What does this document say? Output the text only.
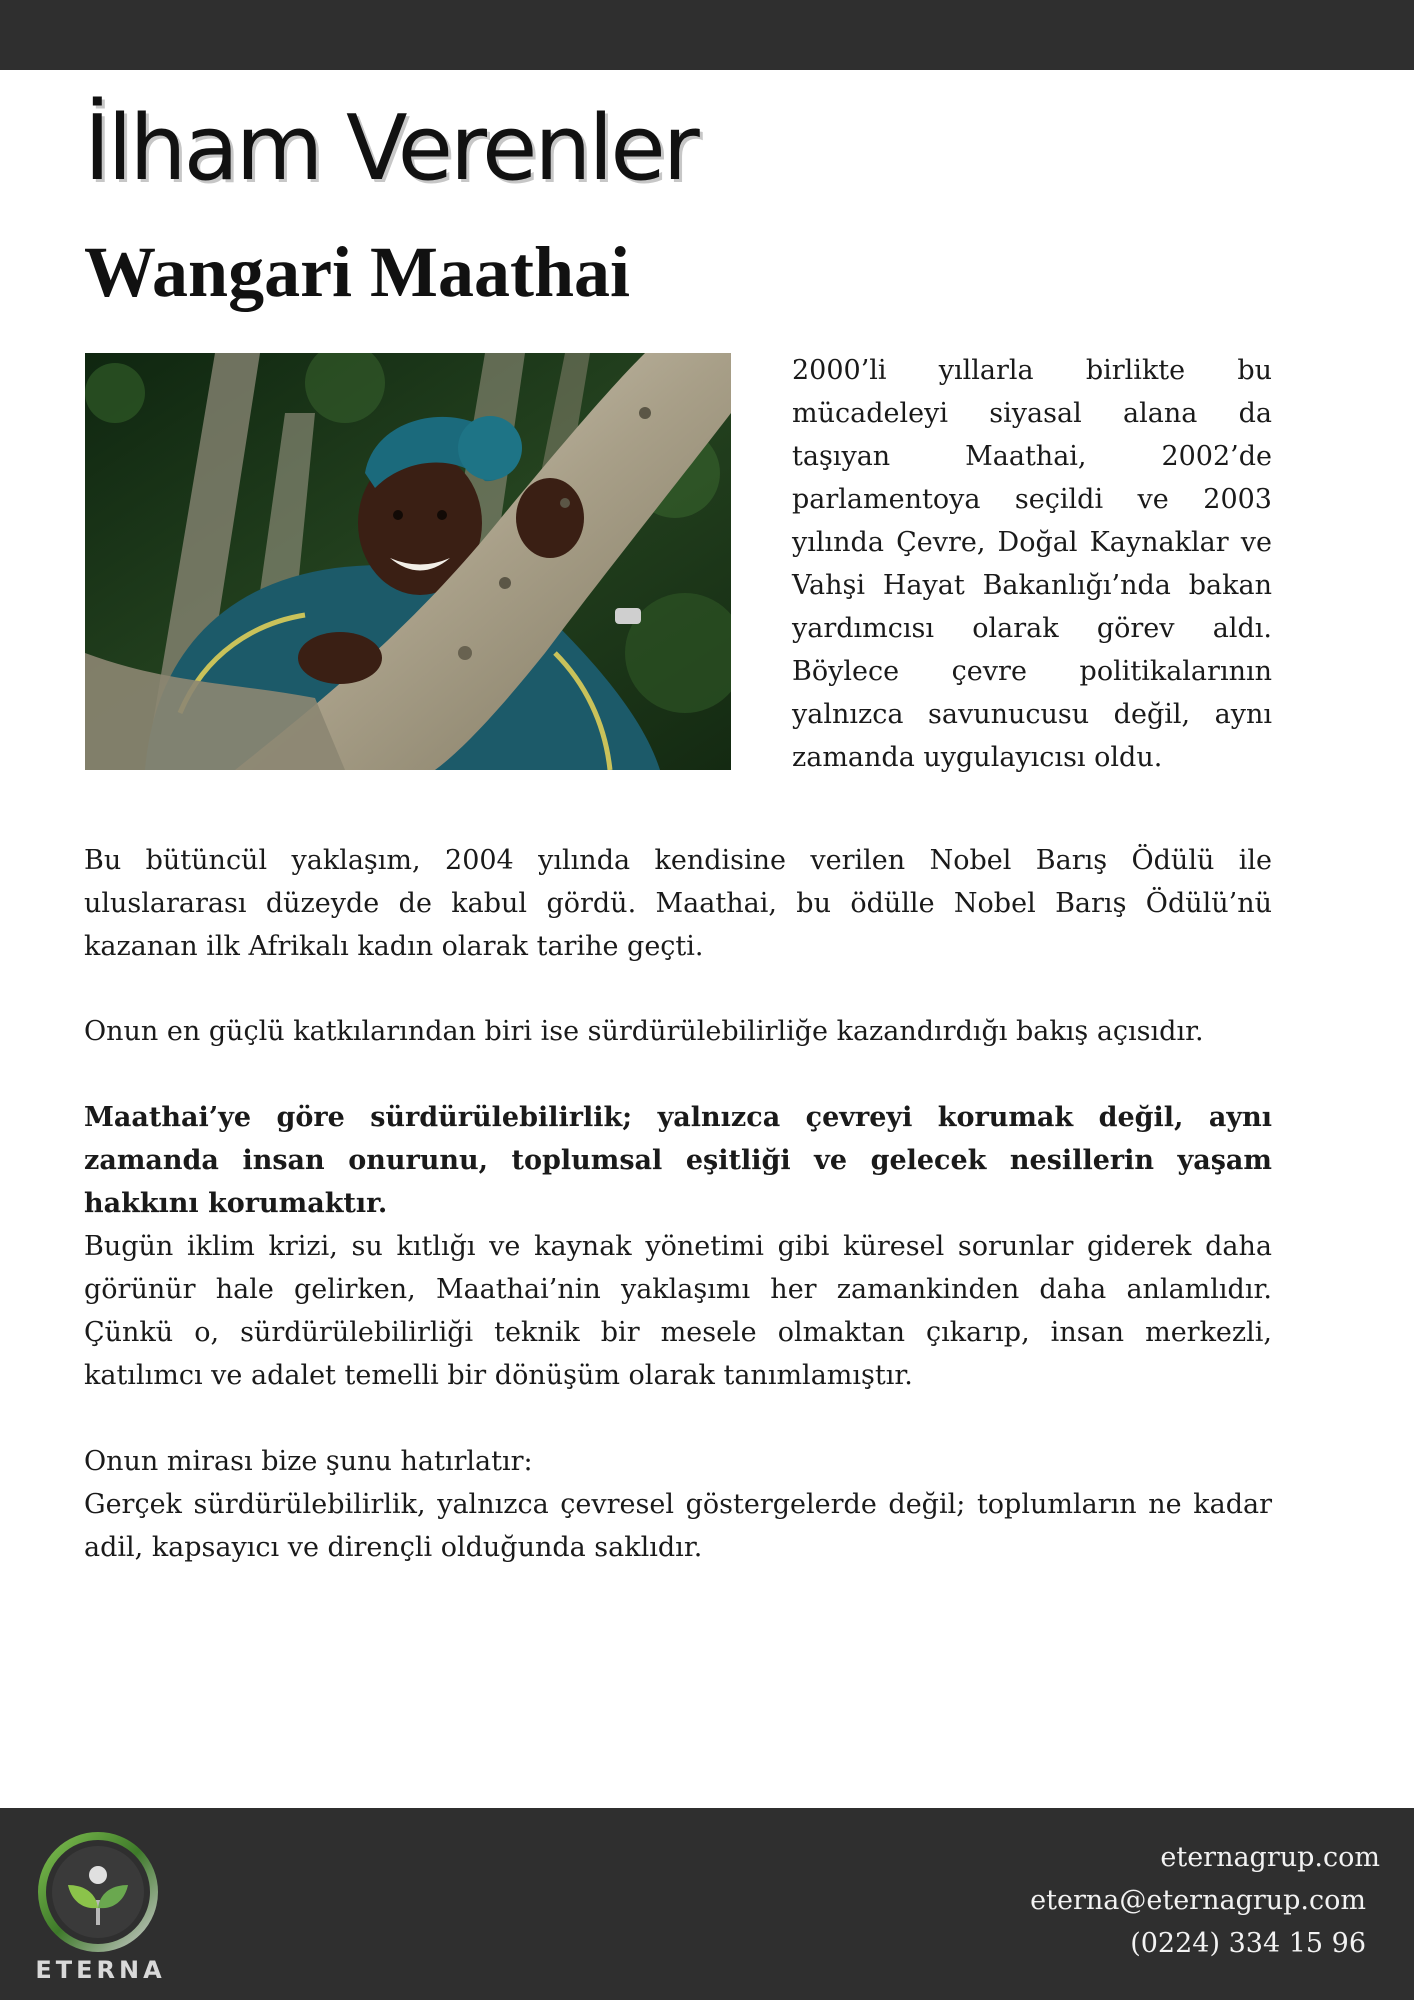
İlham Verenler
Wangari Maathai

2000’li yıllarla birlikte bu mücadeleyi siyasal alana da taşıyan Maathai, 2002’de parlamentoya seçildi ve 2003 yılında Çevre, Doğal Kaynaklar ve Vahşi Hayat Bakanlığı’nda bakan yardımcısı olarak görev aldı. Böylece çevre politikalarının yalnızca savunucusu değil, aynı zamanda uygulayıcısı oldu.

Bu bütüncül yaklaşım, 2004 yılında kendisine verilen Nobel Barış Ödülü ile uluslararası düzeyde de kabul gördü. Maathai, bu ödülle Nobel Barış Ödülü’nü kazanan ilk Afrikalı kadın olarak tarihe geçti.

Onun en güçlü katkılarından biri ise sürdürülebilirliğe kazandırdığı bakış açısıdır.

Maathai’ye göre sürdürülebilirlik; yalnızca çevreyi korumak değil, aynı zamanda insan onurunu, toplumsal eşitliği ve gelecek nesillerin yaşam hakkını korumaktır.

Bugün iklim krizi, su kıtlığı ve kaynak yönetimi gibi küresel sorunlar giderek daha görünür hale gelirken, Maathai’nin yaklaşımı her zamankinden daha anlamlıdır. Çünkü o, sürdürülebilirliği teknik bir mesele olmaktan çıkarıp, insan merkezli, katılımcı ve adalet temelli bir dönüşüm olarak tanımlamıştır.

Onun mirası bize şunu hatırlatır:
Gerçek sürdürülebilirlik, yalnızca çevresel göstergelerde değil; toplumların ne kadar adil, kapsayıcı ve dirençli olduğunda saklıdır.

ETERNA
eternagrup.com
eterna@eternagrup.com
(0224) 334 15 96
